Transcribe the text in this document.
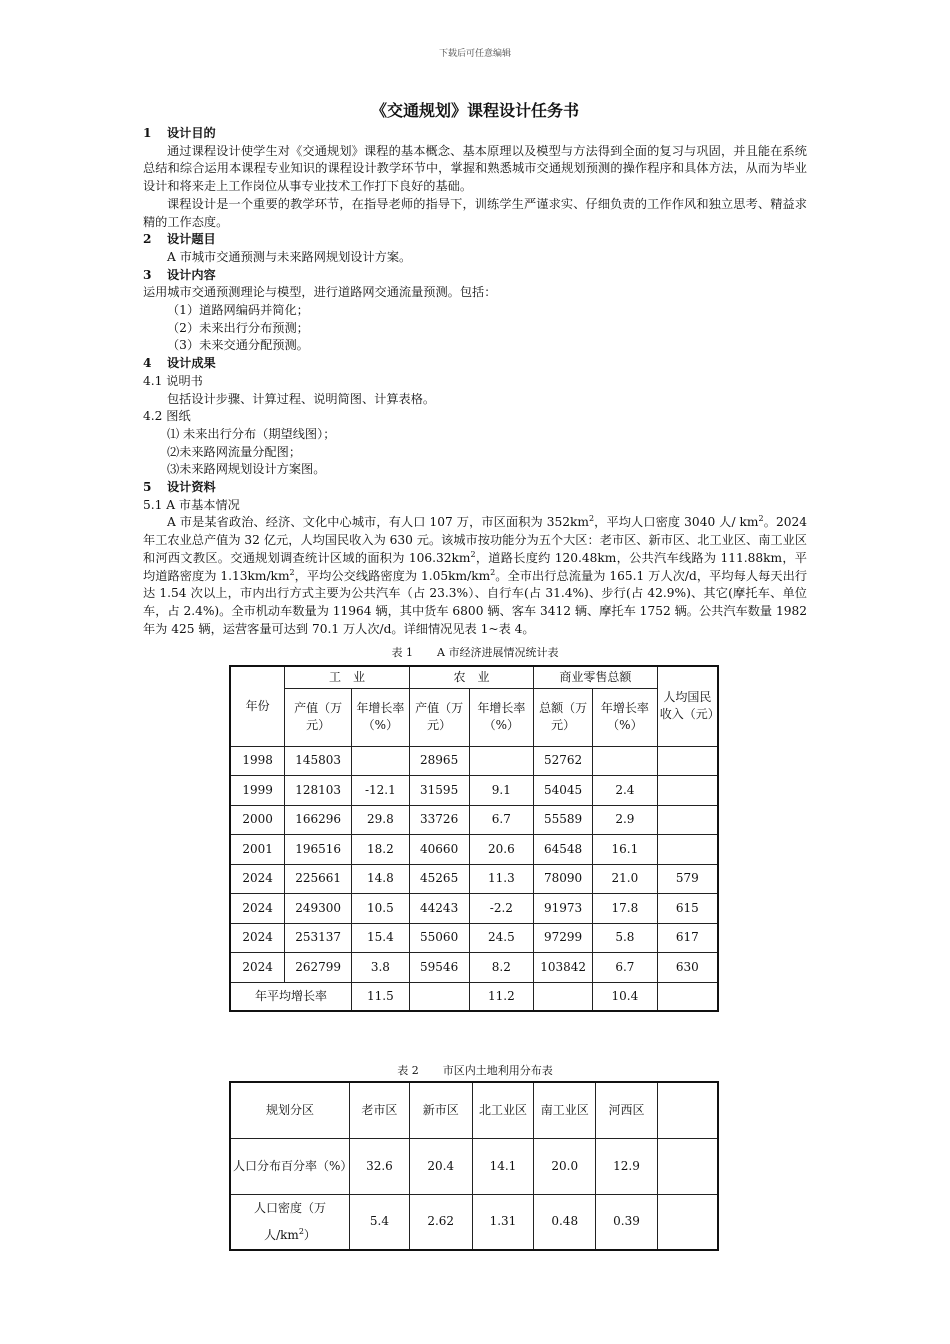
下载后可任意编辑
《交通规划》课程设计任务书

1 设计目的

通过课程设计使学生对《交通规划》课程的基本概念、基本原理以及模型与方法得到全面的复习与巩固，并且能在系统总结和综合运用本课程专业知识的课程设计教学环节中，掌握和熟悉城市交通规划预测的操作程序和具体方法，从而为毕业设计和将来走上工作岗位从事专业技术工作打下良好的基础。

课程设计是一个重要的教学环节，在指导老师的指导下，训练学生严谨求实、仔细负责的工作作风和独立思考、精益求精的工作态度。

2 设计题目

A 市城市交通预测与未来路网规划设计方案。

3 设计内容

运用城市交通预测理论与模型，进行道路网交通流量预测。包括：

（1）道路网编码并简化；

（2）未来出行分布预测；

（3）未来交通分配预测。

4 设计成果

4.1 说明书

包括设计步骤、计算过程、说明简图、计算表格。

4.2 图纸

⑴ 未来出行分布（期望线图）；

⑵未来路网流量分配图；

⑶未来路网规划设计方案图。

5 设计资料

5.1 A 市基本情况

A 市是某省政治、经济、文化中心城市，有人口 107 万，市区面积为 $352km^2$，平均人口密度 3040 人/ $km^2$。2024 年工农业总产值为 32 亿元，人均国民收入为 630 元。该城市按功能分为五个大区：老市区、新市区、北工业区、南工业区和河西文教区。交通规划调查统计区域的面积为 $106.32km^2$，道路长度约 120.48km，公共汽车线路为 111.88km，平均道路密度为 $1.13km/km^2$，平均公交线路密度为 $1.05km/km^2$。全市出行总流量为 165.1 万人次/d，平均每人每天出行达 1.54 次以上，市内出行方式主要为公共汽车（占 23.3%）、自行车(占 31.4%)、步行(占 42.9%)、其它(摩托车、单位车，占 2.4%)。全市机动车数量为 11964 辆，其中货车 6800 辆、客车 3412 辆、摩托车 1752 辆。公共汽车数量 1982 年为 425 辆，运营客量可达到 70.1 万人次/d。详细情况见表 1~表 4。

表 1 A 市经济进展情况统计表
年份	工　业		农　业		商业零售总额		人均国民收入（元）
	产值（万元）	年增长率（%）	产值（万元）	年增长率（%）	总额（万元）	年增长率（%）	
1998	145803		28965		52762		
1999	128103	-12.1	31595	9.1	54045	2.4	
2000	166296	29.8	33726	6.7	55589	2.9	
2001	196516	18.2	40660	20.6	64548	16.1	
2024	225661	14.8	45265	11.3	78090	21.0	579
2024	249300	10.5	44243	-2.2	91973	17.8	615
2024	253137	15.4	55060	24.5	97299	5.8	617
2024	262799	3.8	59546	8.2	103842	6.7	630
年平均增长率		11.5		11.2		10.4	
表 2 市区内土地利用分布表
规划分区	老市区	新市区	北工业区	南工业区	河西区	
人口分布百分率（%）	32.6	20.4	14.1	20.0	12.9	
人口密度（万人$/km^2$）	5.4	2.62	1.31	0.48	0.39	
